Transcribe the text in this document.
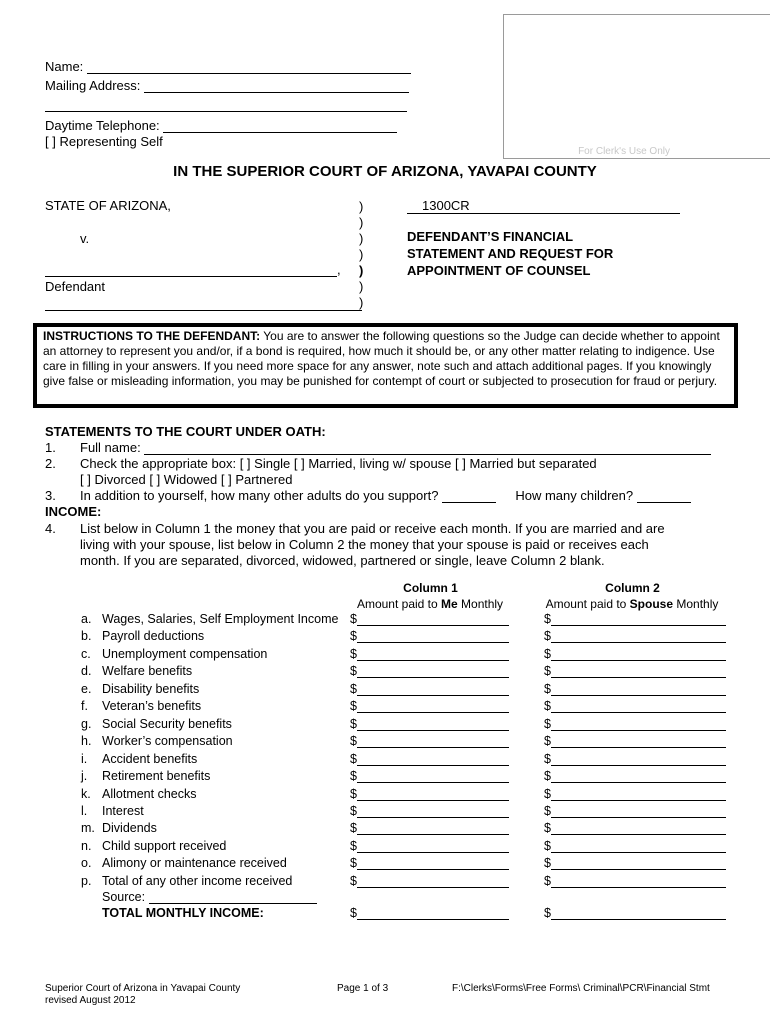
Name:
Mailing Address:
Daytime Telephone:
[ ] Representing Self
For Clerk's Use Only
IN THE SUPERIOR COURT OF ARIZONA, YAVAPAI COUNTY
STATE OF ARIZONA,
v.
,
Defendant
)
)
)
)
)
)
)
1300CR
DEFENDANT’S FINANCIAL
STATEMENT AND REQUEST FOR
APPOINTMENT OF COUNSEL
INSTRUCTIONS TO THE DEFENDANT: You are to answer the following questions so the Judge can decide whether to appoint an attorney to represent you and/or, if a bond is required, how much it should be, or any other matter relating to indigence. Use care in filling in your answers. If you need more space for any answer, note such and attach additional pages. If you knowingly give false or misleading information, you may be punished for contempt of court or subjected to prosecution for fraud or perjury.
STATEMENTS TO THE COURT UNDER OATH:
1. Full name:
2. Check the appropriate box: [ ] Single [ ] Married, living w/ spouse [ ] Married but separated
[ ] Divorced [ ] Widowed [ ] Partnered
3. In addition to yourself, how many other adults do you support?	How many children?
INCOME:
4. List below in Column 1 the money that you are paid or receive each month. If you are married and are
living with your spouse, list below in Column 2 the money that your spouse is paid or receives each
month. If you are separated, divorced, widowed, partnered or single, leave Column 2 blank.
Column 1
Amount paid to Me Monthly
Column 2
Amount paid to Spouse Monthly
a. Wages, Salaries, Self Employment Income $	$
b. Payroll deductions	$	$
c. Unemployment compensation	$	$
d. Welfare benefits	$	$
e. Disability benefits	$	$
f. Veteran’s benefits	$	$
g. Social Security benefits	$	$
h. Worker’s compensation	$	$
i. Accident benefits	$	$
j. Retirement benefits	$	$
k. Allotment checks	$	$
l. Interest	$	$
m. Dividends	$	$
n. Child support received	$	$
o. Alimony or maintenance received	$	$
p. Total of any other income received	$	$
Source:
TOTAL MONTHLY INCOME:	$	$
Superior Court of Arizona in Yavapai County
revised August 2012
Page 1 of 3	F:\Clerks\Forms\Free Forms\ Criminal\PCR\Financial Stmt
